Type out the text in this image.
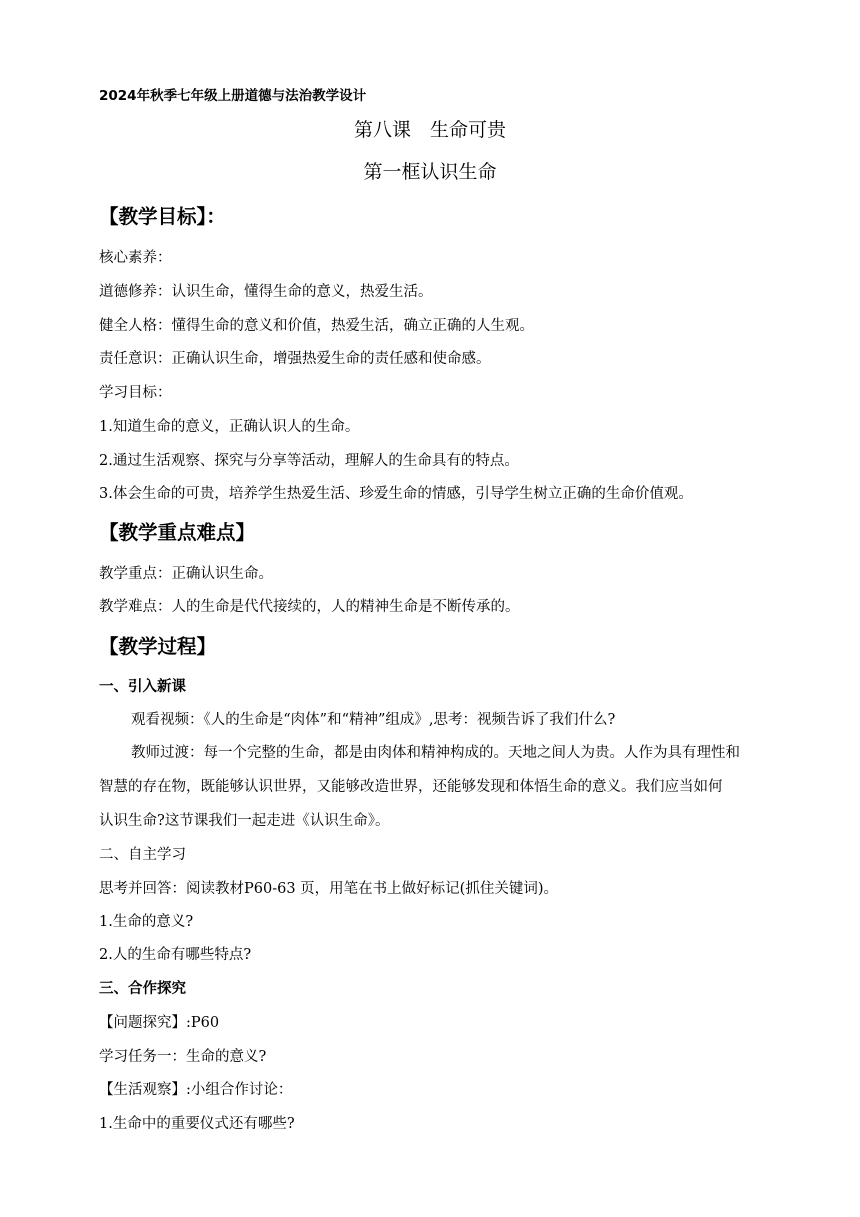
2024年秋季七年级上册道德与法治教学设计
第八课　生命可贵
第一框认识生命
【教学目标】：
核心素养：
道德修养：认识生命，懂得生命的意义，热爱生活。
健全人格：懂得生命的意义和价值，热爱生活，确立正确的人生观。
责任意识：正确认识生命，增强热爱生命的责任感和使命感。
学习目标：
1.知道生命的意义，正确认识人的生命。
2.通过生活观察、探究与分享等活动，理解人的生命具有的特点。
3.体会生命的可贵，培养学生热爱生活、珍爱生命的情感，引导学生树立正确的生命价值观。
【教学重点难点】
教学重点：正确认识生命。
教学难点：人的生命是代代接续的，人的精神生命是不断传承的。
【教学过程】
一、引入新课
观看视频：《人的生命是“肉体”和“精神”组成》,思考：视频告诉了我们什么?
教师过渡：每一个完整的生命，都是由肉体和精神构成的。天地之间人为贵。人作为具有理性和
智慧的存在物，既能够认识世界，又能够改造世界，还能够发现和体悟生命的意义。我们应当如何
认识生命?这节课我们一起走进《认识生命》。
二、自主学习
思考并回答：阅读教材P60-63 页，用笔在书上做好标记(抓住关键词)。
1.生命的意义?
2.人的生命有哪些特点?
三、合作探究
【问题探究】:P60
学习任务一：生命的意义?
【生活观察】:小组合作讨论：
1.生命中的重要仪式还有哪些?
